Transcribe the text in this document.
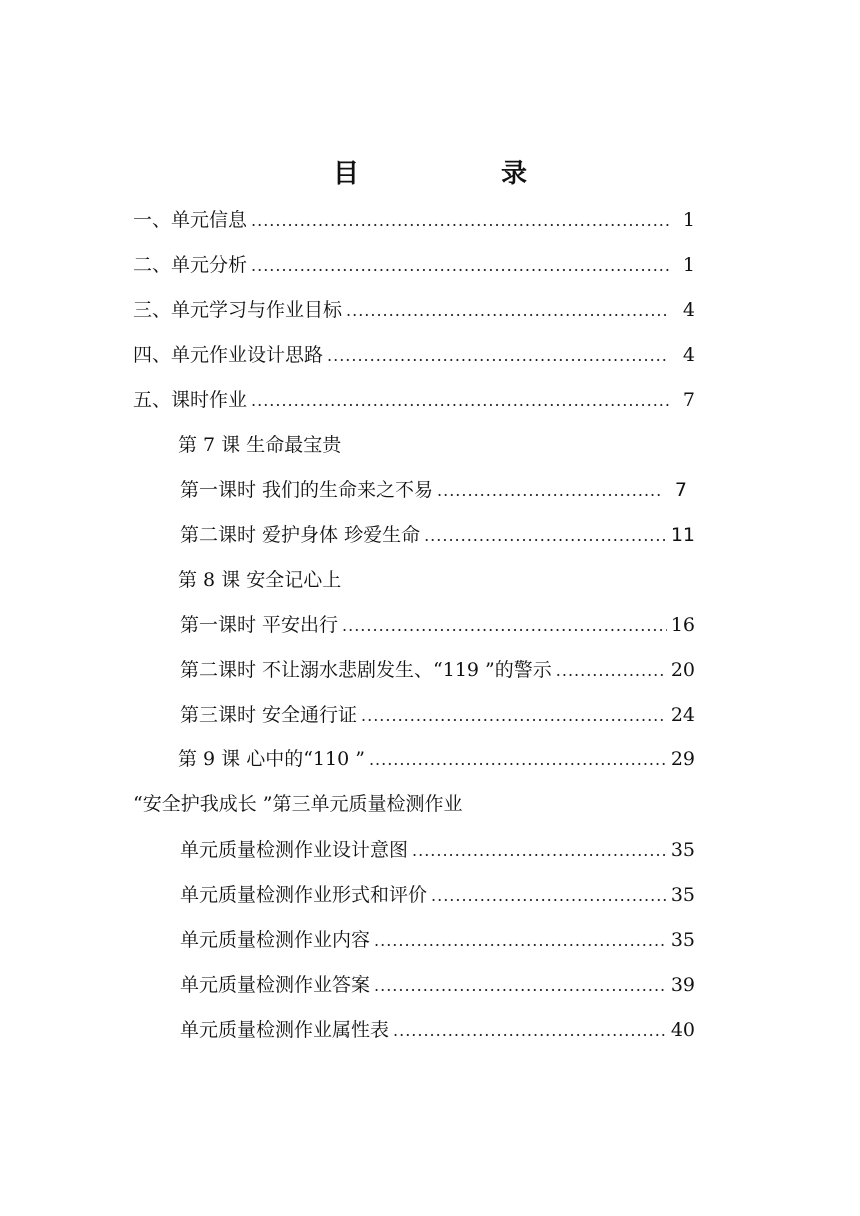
目　录
一、单元信息 .....	1
二、单元分析 .....	1
三、单元学习与作业目标 .....	4
四、单元作业设计思路 .....	4
五、课时作业 .....	7
第 7 课 生命最宝贵
第一课时 我们的生命来之不易 .....	7
第二课时 爱护身体 珍爱生命 .....	11
第 8 课 安全记心上
第一课时 平安出行 .....	16
第二课时 不让溺水悲剧发生、“119 ”的警示 .....	20
第三课时 安全通行证 .....	24
第 9 课 心中的“110 ” .....	29
“安全护我成长 ”第三单元质量检测作业
单元质量检测作业设计意图 .....	35
单元质量检测作业形式和评价 .....	35
单元质量检测作业内容 .....	35
单元质量检测作业答案 .....	39
单元质量检测作业属性表 .....	40
